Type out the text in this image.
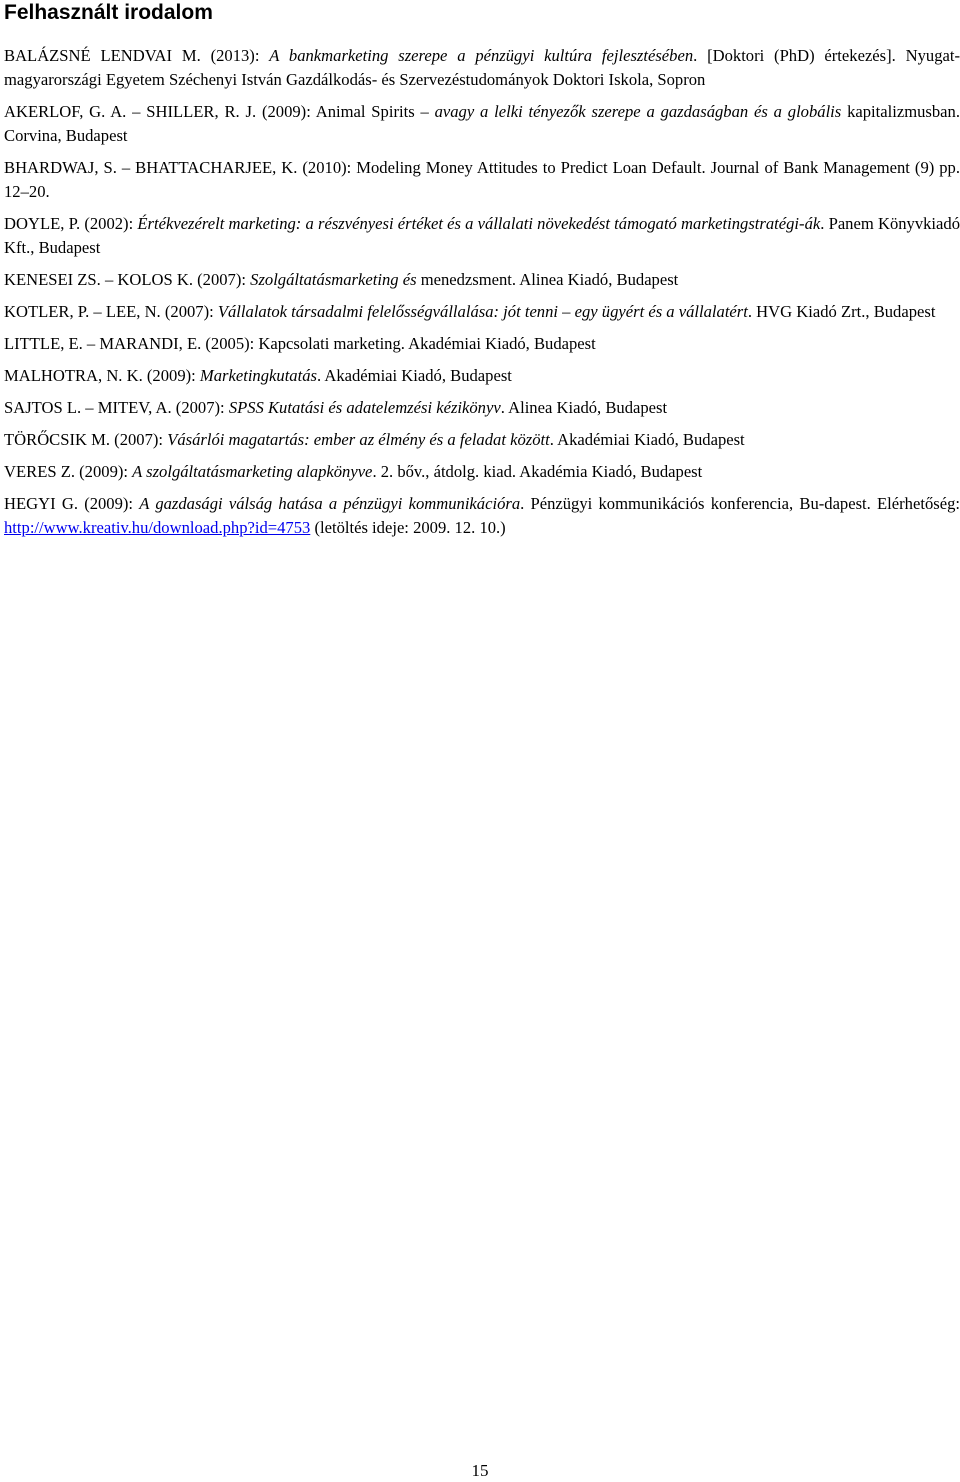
Felhasznált irodalom
BALÁZSNÉ LENDVAI M. (2013): A bankmarketing szerepe a pénzügyi kultúra fejlesztésében. [Doktori (PhD) értekezés]. Nyugat-magyarországi Egyetem Széchenyi István Gazdálkodás- és Szervezéstudományok Doktori Iskola, Sopron
AKERLOF, G. A. – SHILLER, R. J. (2009): Animal Spirits – avagy a lelki tényezők szerepe a gazdaságban és a globális kapitalizmusban. Corvina, Budapest
BHARDWAJ, S. – BHATTACHARJEE, K. (2010): Modeling Money Attitudes to Predict Loan Default. Journal of Bank Management (9) pp. 12–20.
DOYLE, P. (2002): Értékvezérelt marketing: a részvényesi értéket és a vállalati növekedést támogató marketingstratégi-ák. Panem Könyvkiadó Kft., Budapest
KENESEI ZS. – KOLOS K. (2007): Szolgáltatásmarketing és menedzsment. Alinea Kiadó, Budapest
KOTLER, P. – LEE, N. (2007): Vállalatok társadalmi felelősségvállalása: jót tenni – egy ügyért és a vállalatért. HVG Kiadó Zrt., Budapest
LITTLE, E. – MARANDI, E. (2005): Kapcsolati marketing. Akadémiai Kiadó, Budapest
MALHOTRA, N. K. (2009): Marketingkutatás. Akadémiai Kiadó, Budapest
SAJTOS L. – MITEV, A. (2007): SPSS Kutatási és adatelemzési kézikönyv. Alinea Kiadó, Budapest
TÖRŐCSIK M. (2007): Vásárlói magatartás: ember az élmény és a feladat között. Akadémiai Kiadó, Budapest
VERES Z. (2009): A szolgáltatásmarketing alapkönyve. 2. bőv., átdolg. kiad. Akadémia Kiadó, Budapest
HEGYI G. (2009): A gazdasági válság hatása a pénzügyi kommunikációra. Pénzügyi kommunikációs konferencia, Bu-dapest. Elérhetőség: http://www.kreativ.hu/download.php?id=4753 (letöltés ideje: 2009. 12. 10.)
15
